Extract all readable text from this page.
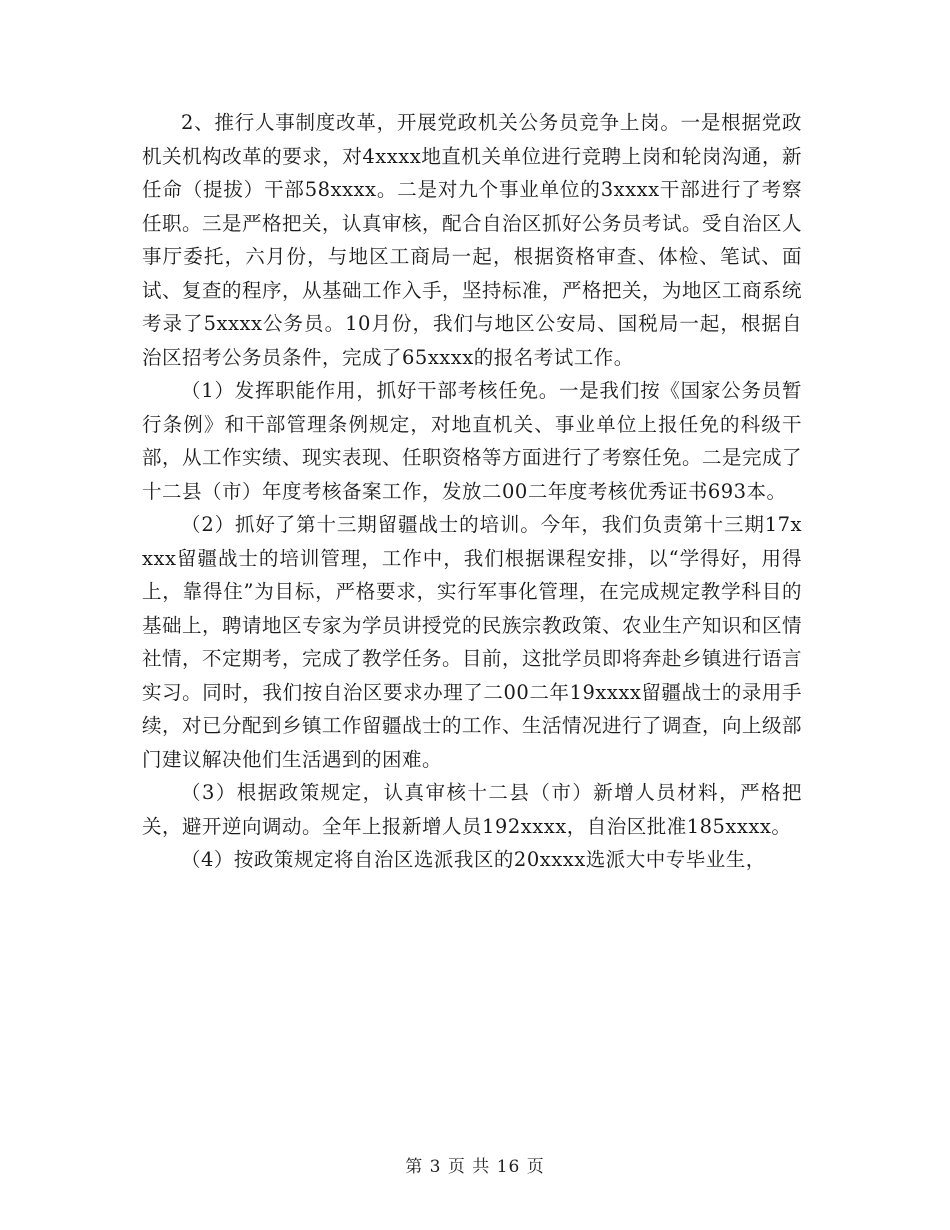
2、推行人事制度改革，开展党政机关公务员竞争上岗。一是根据党政机关机构改革的要求，对4xxxx地直机关单位进行竞聘上岗和轮岗沟通，新任命（提拔）干部58xxxx。二是对九个事业单位的3xxxx干部进行了考察任职。三是严格把关，认真审核，配合自治区抓好公务员考试。受自治区人事厅委托，六月份，与地区工商局一起，根据资格审查、体检、笔试、面试、复查的程序，从基础工作入手，坚持标准，严格把关，为地区工商系统考录了5xxxx公务员。10月份，我们与地区公安局、国税局一起，根据自治区招考公务员条件，完成了65xxxx的报名考试工作。

（1）发挥职能作用，抓好干部考核任免。一是我们按《国家公务员暂行条例》和干部管理条例规定，对地直机关、事业单位上报任免的科级干部，从工作实绩、现实表现、任职资格等方面进行了考察任免。二是完成了十二县（市）年度考核备案工作，发放二00二年度考核优秀证书693本。

（2）抓好了第十三期留疆战士的培训。今年，我们负责第十三期17xxxx留疆战士的培训管理，工作中，我们根据课程安排，以“学得好，用得上，靠得住”为目标，严格要求，实行军事化管理，在完成规定教学科目的基础上，聘请地区专家为学员讲授党的民族宗教政策、农业生产知识和区情社情，不定期考，完成了教学任务。目前，这批学员即将奔赴乡镇进行语言实习。同时，我们按自治区要求办理了二00二年19xxxx留疆战士的录用手续，对已分配到乡镇工作留疆战士的工作、生活情况进行了调查，向上级部门建议解决他们生活遇到的困难。

（3）根据政策规定，认真审核十二县（市）新增人员材料，严格把关，避开逆向调动。全年上报新增人员192xxxx，自治区批准185xxxx。

（4）按政策规定将自治区选派我区的20xxxx选派大中专毕业生，

第 3 页 共 16 页
